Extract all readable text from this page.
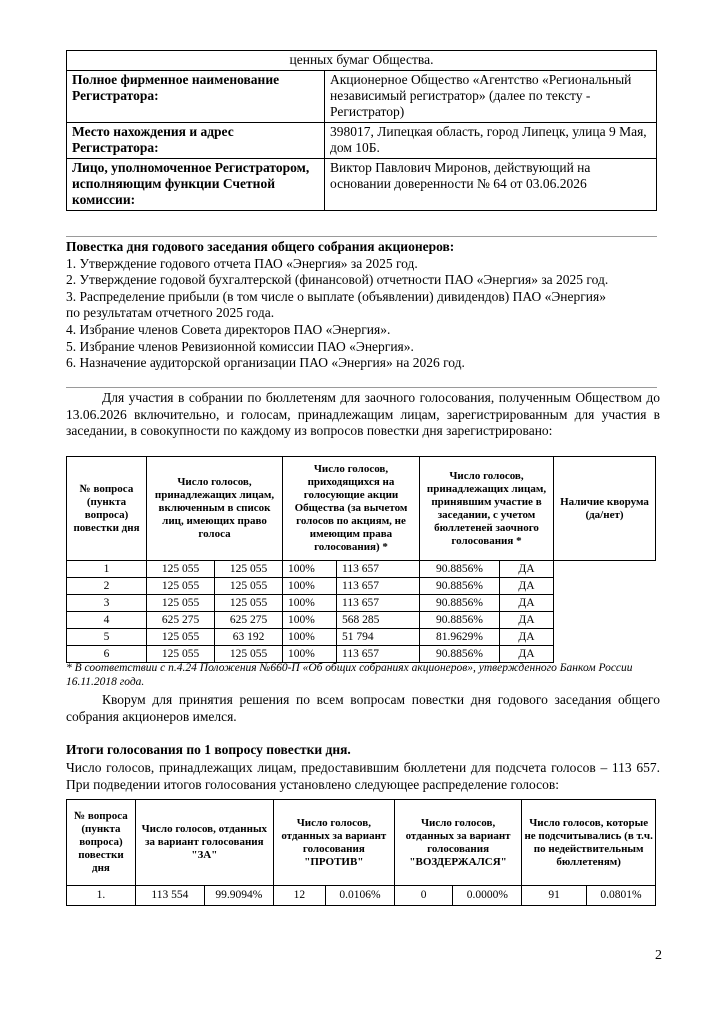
ценных бумаг Общества.	
Полное фирменное наименование Регистратора:	Акционерное Общество «Агентство «Региональный независимый регистратор» (далее по тексту - Регистратор)
Место нахождения и адрес Регистратора:	398017, Липецкая область, город Липецк, улица 9 Мая, дом 10Б.
Лицо, уполномоченное Регистратором, исполняющим функции Счетной комиссии:	Виктор Павлович Миронов, действующий на основании доверенности № 64 от 03.06.2026
Повестка дня годового заседания общего собрания акционеров:
1. Утверждение годового отчета ПАО «Энергия» за 2025 год.
2. Утверждение годовой бухгалтерской (финансовой) отчетности ПАО «Энергия» за 2025 год.
3. Распределение прибыли (в том числе о выплате (объявлении) дивидендов) ПАО «Энергия»
по результатам отчетного 2025 года.
4. Избрание членов Совета директоров ПАО «Энергия».
5. Избрание членов Ревизионной комиссии ПАО «Энергия».
6. Назначение аудиторской организации ПАО «Энергия» на 2026 год.
Для участия в собрании по бюллетеням для заочного голосования, полученным Обществом до 13.06.2026 включительно, и голосам, принадлежащим лицам, зарегистрированным для участия в заседании, в совокупности по каждому из вопросов повестки дня зарегистрировано:
№ вопроса (пункта вопроса) повестки дня	Число голосов, принадлежащих лицам, включенным в список лиц, имеющих право голоса		Число голосов, приходящихся на голосующие акции Общества (за вычетом голосов по акциям, не имеющим права голосования) *		Число голосов, принадлежащих лицам, принявшим участие в заседании, с учетом бюллетеней заочного голосования *		Наличие кворума (да/нет)
1	125 055	125 055	100%	113 657	90.8856%	ДА	
2	125 055	125 055	100%	113 657	90.8856%	ДА	
3	125 055	125 055	100%	113 657	90.8856%	ДА	
4	625 275	625 275	100%	568 285	90.8856%	ДА	
5	125 055	63 192	100%	51 794	81.9629%	ДА	
6	125 055	125 055	100%	113 657	90.8856%	ДА	
* В соответствии с п.4.24 Положения №660-П «Об общих собраниях акционеров», утвержденного Банком России 16.11.2018 года.
Кворум для принятия решения по всем вопросам повестки дня годового заседания общего собрания акционеров имелся.
Итоги голосования по 1 вопросу повестки дня.
Число голосов, принадлежащих лицам, предоставившим бюллетени для подсчета голосов – 113 657. При подведении итогов голосования установлено следующее распределение голосов:
№ вопроса (пункта вопроса) повестки дня	Число голосов, отданных за вариант голосования "ЗА"		Число голосов, отданных за вариант голосования "ПРОТИВ"		Число голосов, отданных за вариант голосования "ВОЗДЕРЖАЛСЯ"		Число голосов, которые не подсчитывались (в т.ч. по недействительным бюллетеням)	
1.	113 554	99.9094%	12	0.0106%	0	0.0000%	91	0.0801%
2
